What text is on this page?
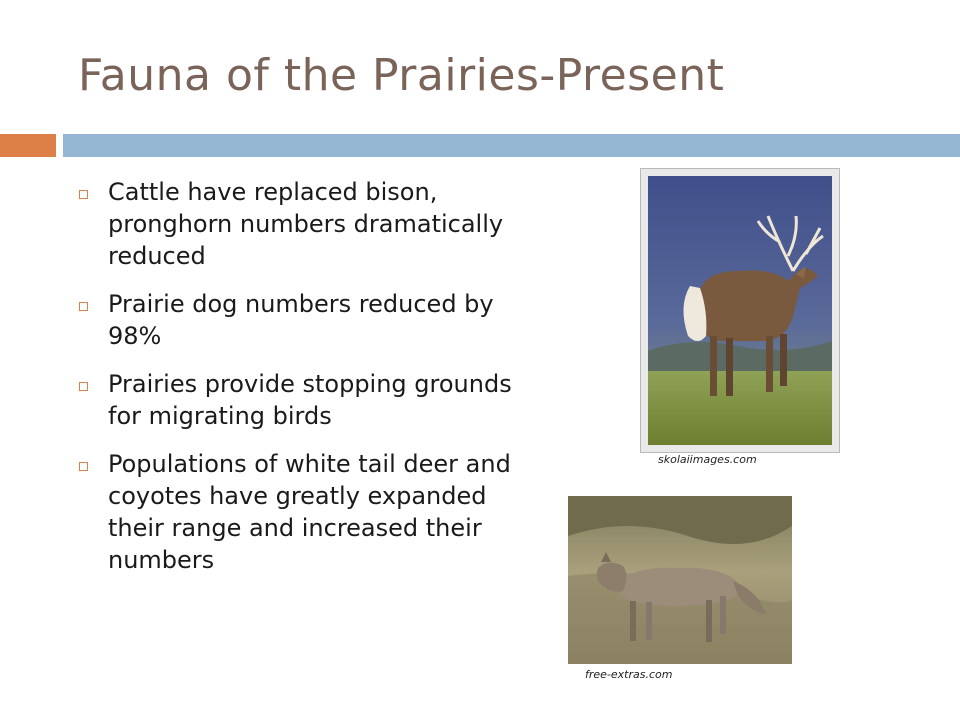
Fauna of the Prairies-Present
Cattle have replaced bison, pronghorn numbers dramatically reduced
Prairie dog numbers reduced by 98%
Prairies provide stopping grounds for migrating birds
Populations of white tail deer and coyotes have greatly expanded their range and increased their numbers
skolaiimages.com
free-extras.com
